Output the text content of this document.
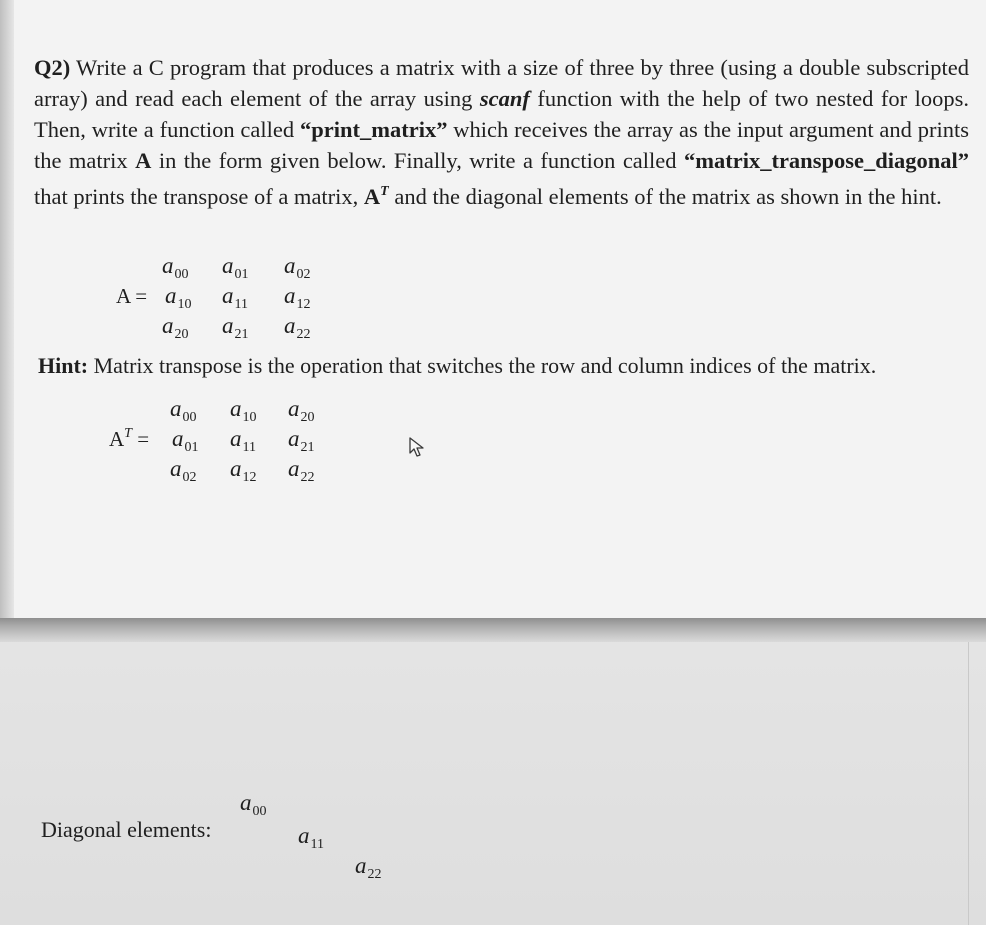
Q2) Write a C program that produces a matrix with a size of three by three (using a double subscripted array) and read each element of the array using scanf function with the help of two nested for loops. Then, write a function called “print_matrix” which receives the array as the input argument and prints the matrix A in the form given below. Finally, write a function called “matrix_transpose_diagonal” that prints the transpose of a matrix, $A^T$ and the diagonal elements of the matrix as shown in the hint.
A =
$a_{00}$ $a_{01}$ $a_{02}$
$a_{10}$ $a_{11}$ $a_{12}$
$a_{20}$ $a_{21}$ $a_{22}$
Hint: Matrix transpose is the operation that switches the row and column indices of the matrix.
$A^T$ =
$a_{00}$ $a_{10}$ $a_{20}$
$a_{01}$ $a_{11}$ $a_{21}$
$a_{02}$ $a_{12}$ $a_{22}$
Diagonal elements:
$a_{00}$
$a_{11}$
$a_{22}$
